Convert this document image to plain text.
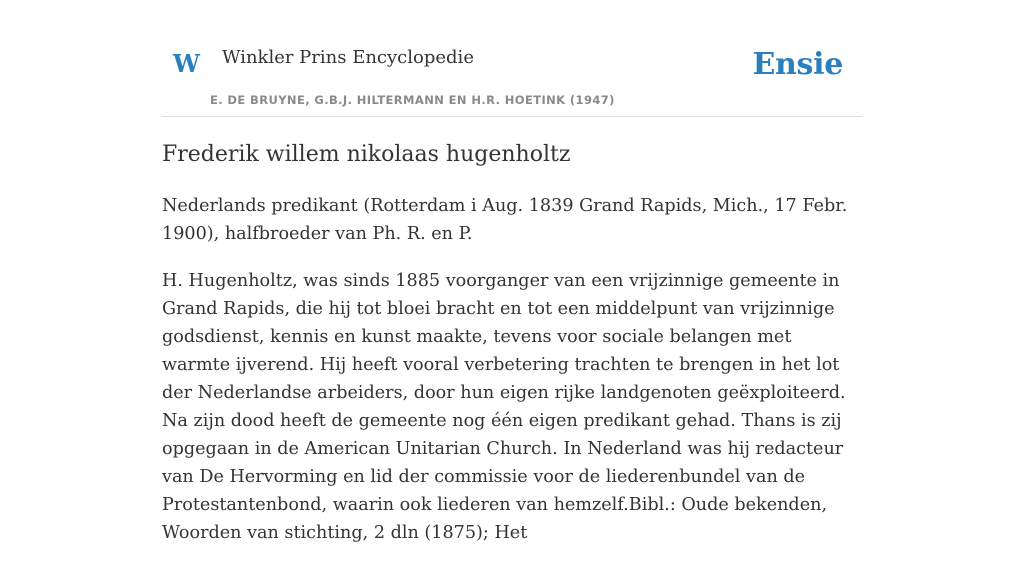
W Winkler Prins Encyclopedie
E. DE BRUYNE, G.B.J. HILTERMANN EN H.R. HOETINK (1947)
Ensie
Frederik willem nikolaas hugenholtz

Nederlands predikant (Rotterdam i Aug. 1839 Grand Rapids, Mich., 17 Febr. 1900), halfbroeder van Ph. R. en P.

H. Hugenholtz, was sinds 1885 voorganger van een vrijzinnige gemeente in Grand Rapids, die hij tot bloei bracht en tot een middelpunt van vrijzinnige godsdienst, kennis en kunst maakte, tevens voor sociale belangen met warmte ijverend. Hij heeft vooral verbetering trachten te brengen in het lot der Nederlandse arbeiders, door hun eigen rijke landgenoten geëxploiteerd. Na zijn dood heeft de gemeente nog één eigen predikant gehad. Thans is zij opgegaan in de American Unitarian Church. In Nederland was hij redacteur van De Hervorming en lid der commissie voor de liederenbundel van de Protestantenbond, waarin ook liederen van hemzelf.Bibl.: Oude bekenden, Woorden van stichting, 2 dln (1875); Het
